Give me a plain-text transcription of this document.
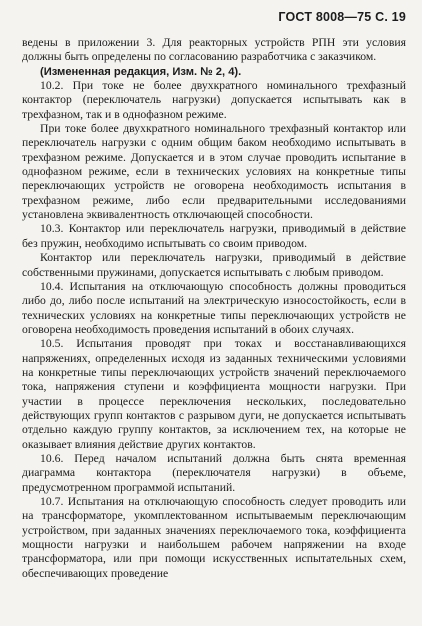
ГОСТ 8008—75 С. 19

ведены в приложении 3. Для реакторных устройств РПН эти условия должны быть определены по согласованию разработчика с заказчиком.

(Измененная редакция, Изм. № 2, 4).

10.2. При токе не более двухкратного номинального трехфазный контактор (переключатель нагрузки) допускается испытывать как в трехфазном, так и в однофазном режиме.

При токе более двухкратного номинального трехфазный контактор или переключатель нагрузки с одним общим баком необходимо испытывать в трехфазном режиме. Допускается и в этом случае проводить испытание в однофазном режиме, если в технических условиях на конкретные типы переключающих устройств не оговорена необходимость испытания в трехфазном режиме, либо если предварительными исследованиями установлена эквивалентность отключающей способности.

10.3. Контактор или переключатель нагрузки, приводимый в действие без пружин, необходимо испытывать со своим приводом.

Контактор или переключатель нагрузки, приводимый в действие собственными пружинами, допускается испытывать с любым приводом.

10.4. Испытания на отключающую способность должны проводиться либо до, либо после испытаний на электрическую износостойкость, если в технических условиях на конкретные типы переключающих устройств не оговорена необходимость проведения испытаний в обоих случаях.

10.5. Испытания проводят при токах и восстанавливающихся напряжениях, определенных исходя из заданных техническими условиями на конкретные типы переключающих устройств значений переключаемого тока, напряжения ступени и коэффициента мощности нагрузки. При участии в процессе переключения нескольких, последовательно действующих групп контактов с разрывом дуги, не допускается испытывать отдельно каждую группу контактов, за исключением тех, на которые не оказывает влияния действие других контактов.

10.6. Перед началом испытаний должна быть снята временная диаграмма контактора (переключателя нагрузки) в объеме, предусмотренном программой испытаний.

10.7. Испытания на отключающую способность следует проводить или на трансформаторе, укомплектованном испытываемым переключающим устройством, при заданных значениях переключаемого тока, коэффициента мощности нагрузки и наибольшем рабочем напряжении на входе трансформатора, или при помощи искусственных испытательных схем, обеспечивающих проведение
